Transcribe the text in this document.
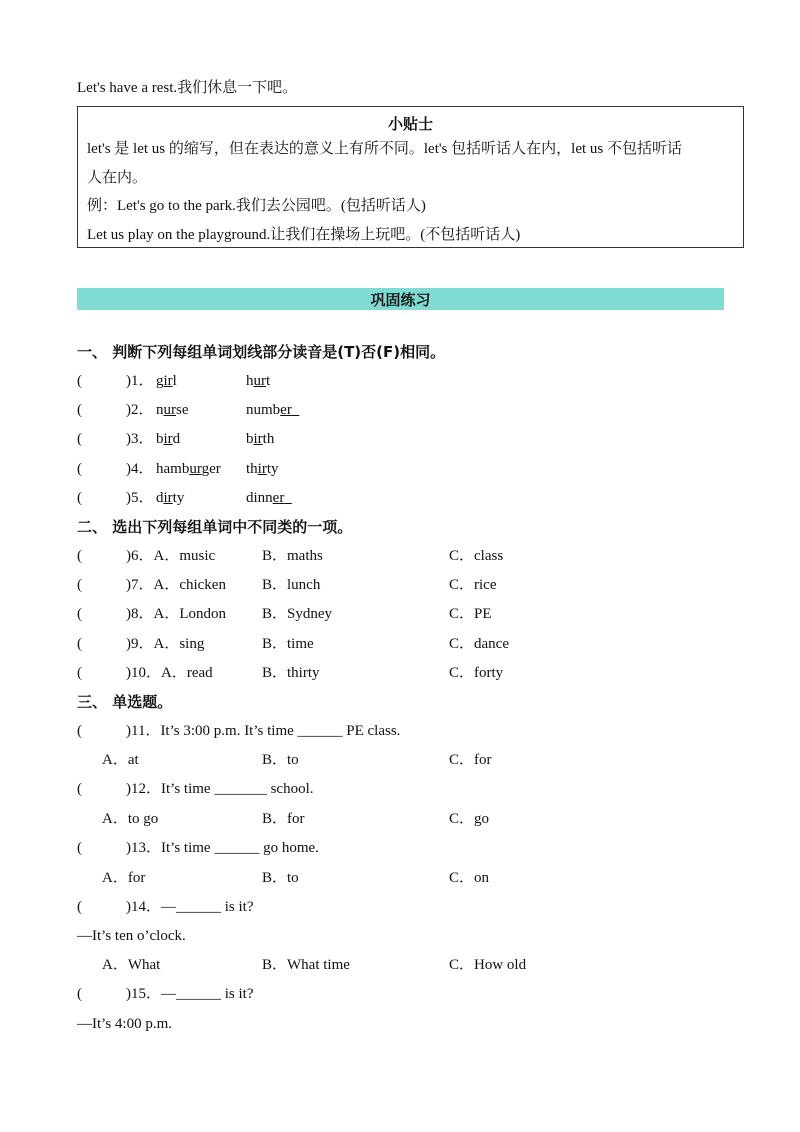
Let's have a rest.我们休息一下吧。
小贴士
let's 是 let us 的缩写，但在表达的意义上有所不同。let's 包括听话人在内，let us 不包括听话
人在内。
例：Let's go to the park.我们去公园吧。(包括听话人)
Let us play on the playground.让我们在操场上玩吧。(不包括听话人)
巩固练习
一、 判断下列每组单词划线部分读音是(T)否(F)相同。
(	)1． girl	hurt
(	)2． nurse	number
(	)3． bird	birth
(	)4． hamburger thirty
(	)5． dirty	dinner
二、 选出下列每组单词中不同类的一项。
(	)6．A．music	B．maths	C．class
(	)7．A．chicken B．lunch	C．rice
(	)8．A．London B．Sydney	C．PE
(	)9．A．sing	B．time	C．dance
(	)10．A．read	B．thirty	C．forty
三、 单选题。
(	)11．It’s 3:00 p.m. It’s time ______ PE class.
A．at	B．to	C．for
(	)12．It’s time _______ school.
A．to go	B．for	C．go
(	)13．It’s time ______ go home.
A．for	B．to	C．on
(	)14．—______ is it?
—It’s ten o’clock.
A．What	B．What time	C．How old
(	)15．—______ is it?
—It’s 4:00 p.m.
